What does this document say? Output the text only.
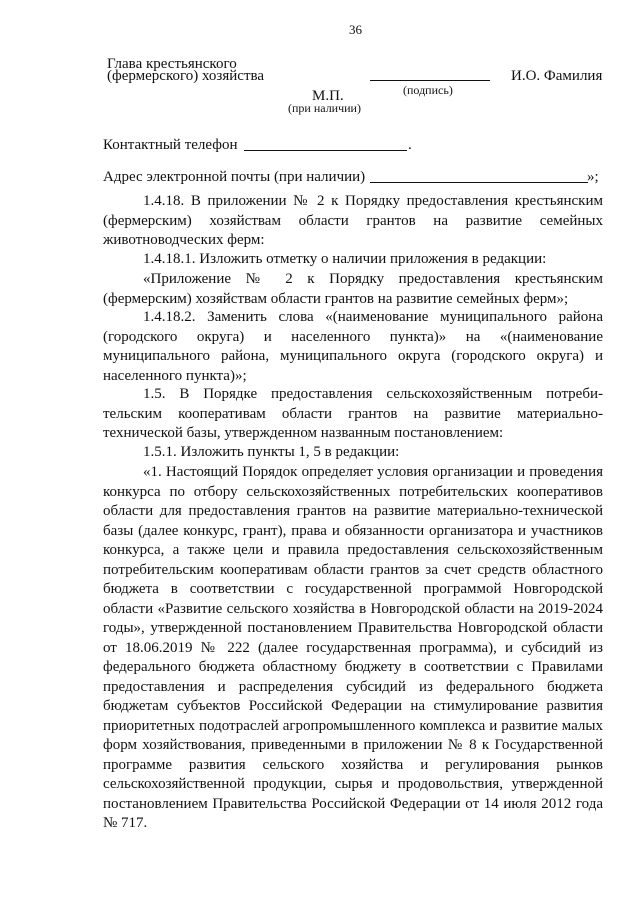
36
Глава крестьянского
(фермерского) хозяйства
(подпись)
И.О. Фамилия
М.П.
(при наличии)
Контактный телефон	.
Адрес электронной почты (при наличии)	»;
1.4.18. В приложении № 2 к Порядку предоставления крестьянским (фермерским) хозяйствам области грантов на развитие семейных животноводческих ферм:
1.4.18.1. Изложить отметку о наличии приложения в редакции:
«Приложение № 2 к Порядку предоставления крестьянским (фермерским) хозяйствам области грантов на развитие семейных ферм»;
1.4.18.2. Заменить слова «(наименование муниципального района (городского округа) и населенного пункта)» на «(наименование муниципального района, муниципального округа (городского округа) и населенного пункта)»;
1.5. В Порядке предоставления сельскохозяйственным потреби-тельским кооперативам области грантов на развитие материально-технической базы, утвержденном названным постановлением:
1.5.1. Изложить пункты 1, 5 в редакции:
«1. Настоящий Порядок определяет условия организации и проведения конкурса по отбору сельскохозяйственных потребительских кооперативов области для предоставления грантов на развитие материально-технической базы (далее конкурс, грант), права и обязанности организатора и участников конкурса, а также цели и правила предоставления сельскохозяйственным потребительским кооперативам области грантов за счет средств областного бюджета в соответствии с государственной программой Новгородской области «Развитие сельского хозяйства в Новгородской области на 2019-2024 годы», утвержденной постановлением Правительства Новгородской области от 18.06.2019 № 222 (далее государственная программа), и субсидий из федерального бюджета областному бюджету в соответствии с Правилами предоставления и распределения субсидий из федерального бюджета бюджетам субъектов Российской Федерации на стимулирование развития приоритетных подотраслей агропромышленного комплекса и развитие малых форм хозяйствования, приведенными в приложении № 8 к Государственной программе развития сельского хозяйства и регулирования рынков сельскохозяйственной продукции, сырья и продовольствия, утвержденной постановлением Правительства Российской Федерации от 14 июля 2012 года № 717.
